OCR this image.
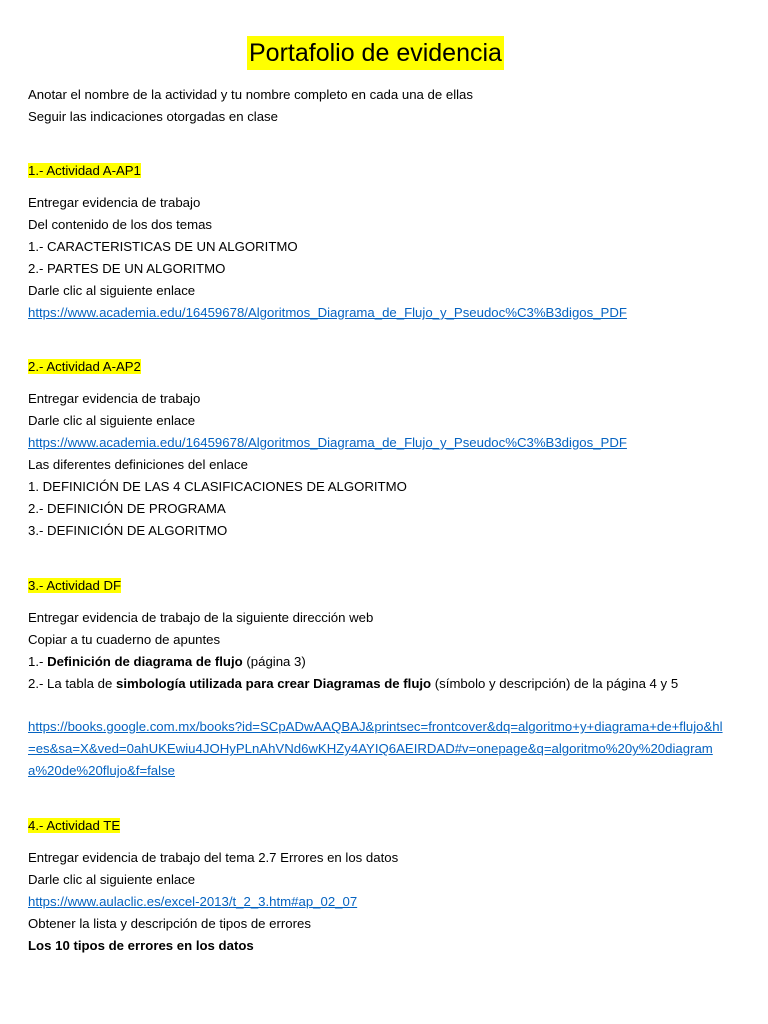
Portafolio de evidencia
Anotar el nombre de la actividad y tu nombre completo en cada una de ellas
Seguir las indicaciones otorgadas en clase
1.- Actividad A-AP1
Entregar evidencia de trabajo
Del contenido de los dos temas
1.- CARACTERISTICAS DE UN ALGORITMO
2.- PARTES DE UN ALGORITMO
Darle clic al siguiente enlace
https://www.academia.edu/16459678/Algoritmos_Diagrama_de_Flujo_y_Pseudoc%C3%B3digos_PDF
2.- Actividad A-AP2
Entregar evidencia de trabajo
Darle clic al siguiente enlace
https://www.academia.edu/16459678/Algoritmos_Diagrama_de_Flujo_y_Pseudoc%C3%B3digos_PDF
Las diferentes definiciones del enlace
1. DEFINICIÓN DE LAS 4 CLASIFICACIONES DE ALGORITMO
2.- DEFINICIÓN DE PROGRAMA
3.- DEFINICIÓN DE ALGORITMO
3.- Actividad DF
Entregar evidencia de trabajo de la siguiente dirección web
Copiar a tu cuaderno de apuntes
1.- Definición de diagrama de flujo (página 3)
2.- La tabla de simbología utilizada para crear Diagramas de flujo (símbolo y descripción) de la página 4 y 5
https://books.google.com.mx/books?id=SCpADwAAQBAJ&printsec=frontcover&dq=algoritmo+y+diagrama+de+flujo&hl=es&sa=X&ved=0ahUKEwiu4JOHyPLnAhVNd6wKHZy4AYIQ6AEIRDAD#v=onepage&q=algoritmo%20y%20diagrama%20de%20flujo&f=false
4.- Actividad TE
Entregar evidencia de trabajo del tema 2.7 Errores en los datos
Darle clic al siguiente enlace
https://www.aulaclic.es/excel-2013/t_2_3.htm#ap_02_07
Obtener la lista y descripción de tipos de errores
Los 10 tipos de errores en los datos
